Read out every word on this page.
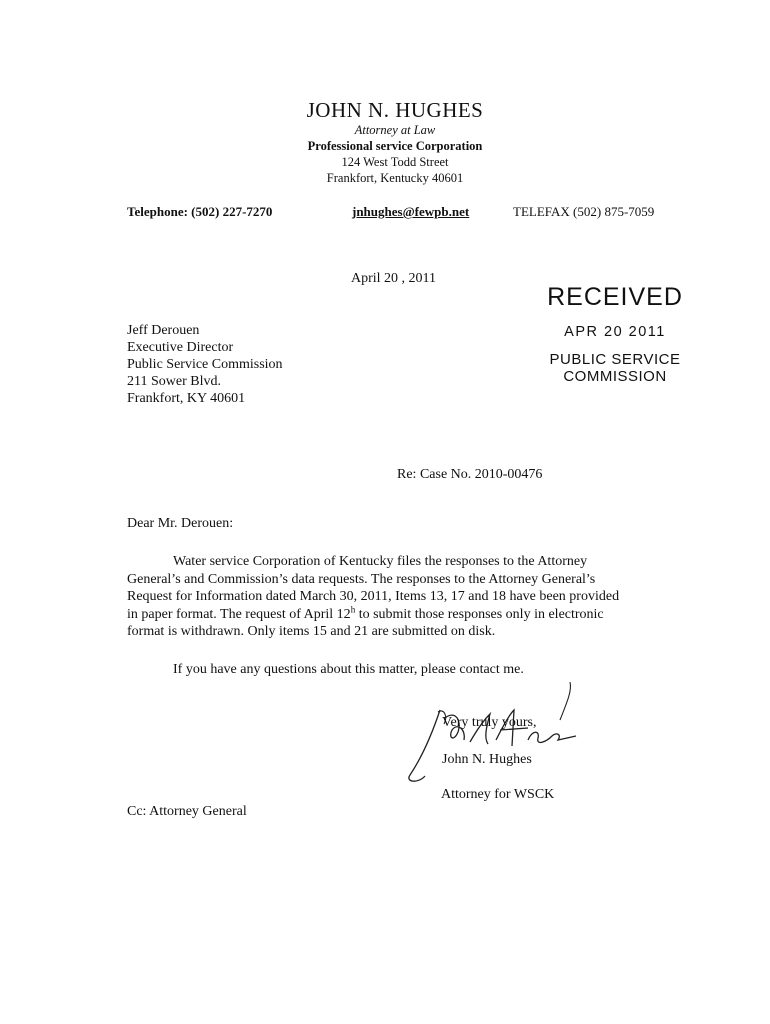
JOHN N. HUGHES
Attorney at Law
Professional service Corporation
124 West Todd Street
Frankfort, Kentucky 40601
Telephone: (502) 227-7270	jnhughes@fewpb.net	TELEFAX (502) 875-7059
April 20 , 2011
RECEIVED
APR 20 2011
PUBLIC SERVICE
COMMISSION
Jeff Derouen
Executive Director
Public Service Commission
211 Sower Blvd.
Frankfort, KY 40601
Re: Case No. 2010-00476
Dear Mr. Derouen:
Water service Corporation of Kentucky files the responses to the Attorney
General’s and Commission’s data requests. The responses to the Attorney General’s
Request for Information dated March 30, 2011, Items 13, 17 and 18 have been provided
in paper format. The request of April 12$^h$ to submit those responses only in electronic
format is withdrawn. Only items 15 and 21 are submitted on disk.
If you have any questions about this matter, please contact me.
Very truly yours,
John N. Hughes
Attorney for WSCK
Cc: Attorney General
